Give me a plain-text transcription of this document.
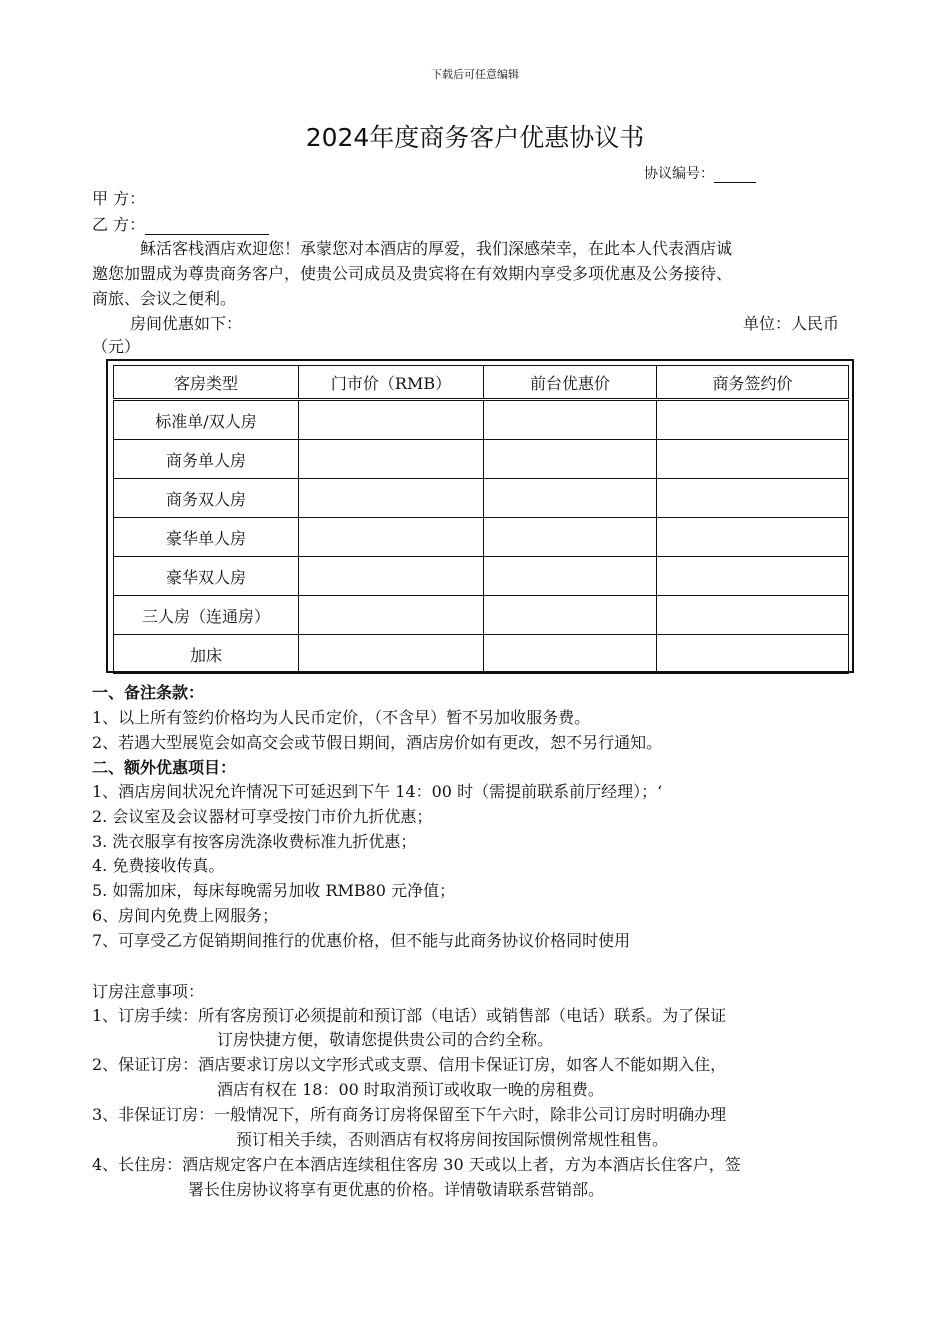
下载后可任意编辑
2024年度商务客户优惠协议书
协议编号：
甲 方：
乙 方：
稣活客栈酒店欢迎您！承蒙您对本酒店的厚爱，我们深感荣幸，在此本人代表酒店诚
邀您加盟成为尊贵商务客户，使贵公司成员及贵宾将在有效期内享受多项优惠及公务接待、
商旅、会议之便利。
房间优惠如下：	单位：人民币
（元）
客房类型	门市价（RMB）	前台优惠价	商务签约价
标准单/双人房			
商务单人房			
商务双人房			
豪华单人房			
豪华双人房			
三人房（连通房）			
加床			
一、备注条款：
1、以上所有签约价格均为人民币定价，（不含早）暂不另加收服务费。
2、若遇大型展览会如高交会或节假日期间，酒店房价如有更改，恕不另行通知。
二、额外优惠项目：
1、酒店房间状况允许情况下可延迟到下午 14：00 时（需提前联系前厅经理）；‘
2. 会议室及会议器材可享受按门市价九折优惠；
3. 洗衣服享有按客房洗涤收费标准九折优惠；
4. 免费接收传真。
5. 如需加床，每床每晚需另加收 RMB80 元净值；
6、房间内免费上网服务；
7、可享受乙方促销期间推行的优惠价格，但不能与此商务协议价格同时使用
订房注意事项：
1、订房手续：所有客房预订必须提前和预订部（电话）或销售部（电话）联系。为了保证
订房快捷方便，敬请您提供贵公司的合约全称。
2、保证订房：酒店要求订房以文字形式或支票、信用卡保证订房，如客人不能如期入住，
酒店有权在 18：00 时取消预订或收取一晚的房租费。
3、非保证订房：一般情况下，所有商务订房将保留至下午六时，除非公司订房时明确办理
预订相关手续，否则酒店有权将房间按国际惯例常规性租售。
4、长住房：酒店规定客户在本酒店连续租住客房 30 天或以上者，方为本酒店长住客户，签
署长住房协议将享有更优惠的价格。详情敬请联系营销部。
